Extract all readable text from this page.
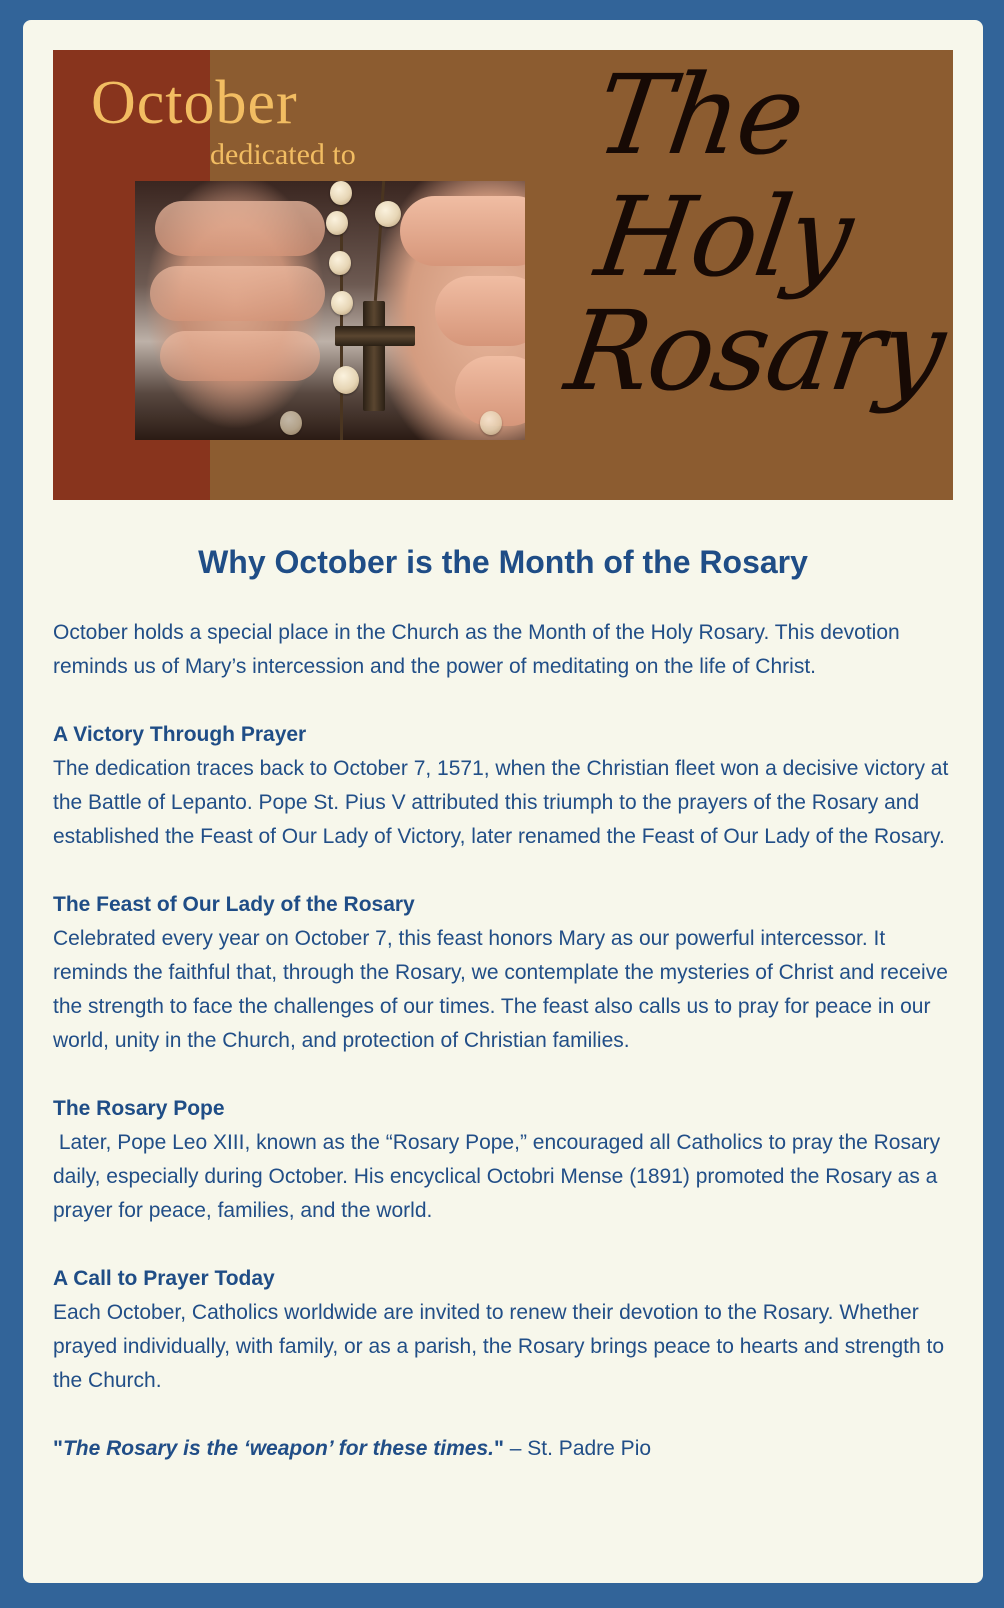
October
dedicated to The
Holy
Rosary
Why October is the Month of the Rosary

October holds a special place in the Church as the Month of the Holy Rosary. This devotion reminds us of Mary’s intercession and the power of meditating on the life of Christ.

A Victory Through Prayer

The dedication traces back to October 7, 1571, when the Christian fleet won a decisive victory at the Battle of Lepanto. Pope St. Pius V attributed this triumph to the prayers of the Rosary and established the Feast of Our Lady of Victory, later renamed the Feast of Our Lady of the Rosary.

The Feast of Our Lady of the Rosary

Celebrated every year on October 7, this feast honors Mary as our powerful intercessor. It reminds the faithful that, through the Rosary, we contemplate the mysteries of Christ and receive the strength to face the challenges of our times. The feast also calls us to pray for peace in our world, unity in the Church, and protection of Christian families.

The Rosary Pope

Later, Pope Leo XIII, known as the “Rosary Pope,” encouraged all Catholics to pray the Rosary daily, especially during October. His encyclical Octobri Mense (1891) promoted the Rosary as a prayer for peace, families, and the world.

A Call to Prayer Today

Each October, Catholics worldwide are invited to renew their devotion to the Rosary. Whether prayed individually, with family, or as a parish, the Rosary brings peace to hearts and strength to the Church.

"The Rosary is the ‘weapon’ for these times." – St. Padre Pio
